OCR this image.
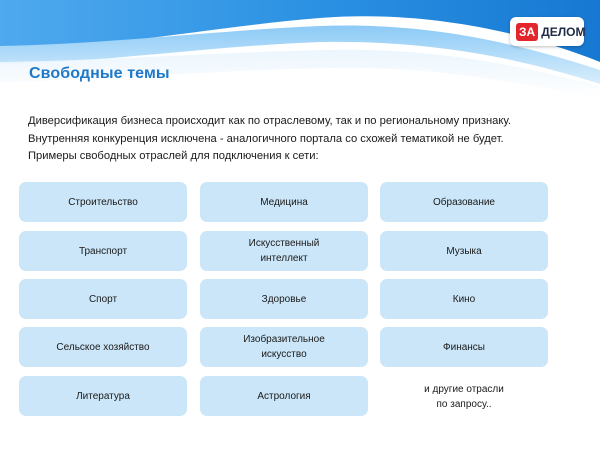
ЗА ДЕЛОМ
Свободные темы
Диверсификация бизнеса происходит как по отраслевому, так и по региональному признаку.
Внутренняя конкуренция исключена - аналогичного портала со схожей тематикой не будет.
Примеры свободных отраслей для подключения к сети:
Строительство
Транспорт
Спорт
Сельское хозяйство
Литература
Медицина
Искусственный
интеллект
Здоровье
Изобразительное
искусство
Астрология
Образование
Музыка
Кино
Финансы
и другие отрасли
по запросу..
